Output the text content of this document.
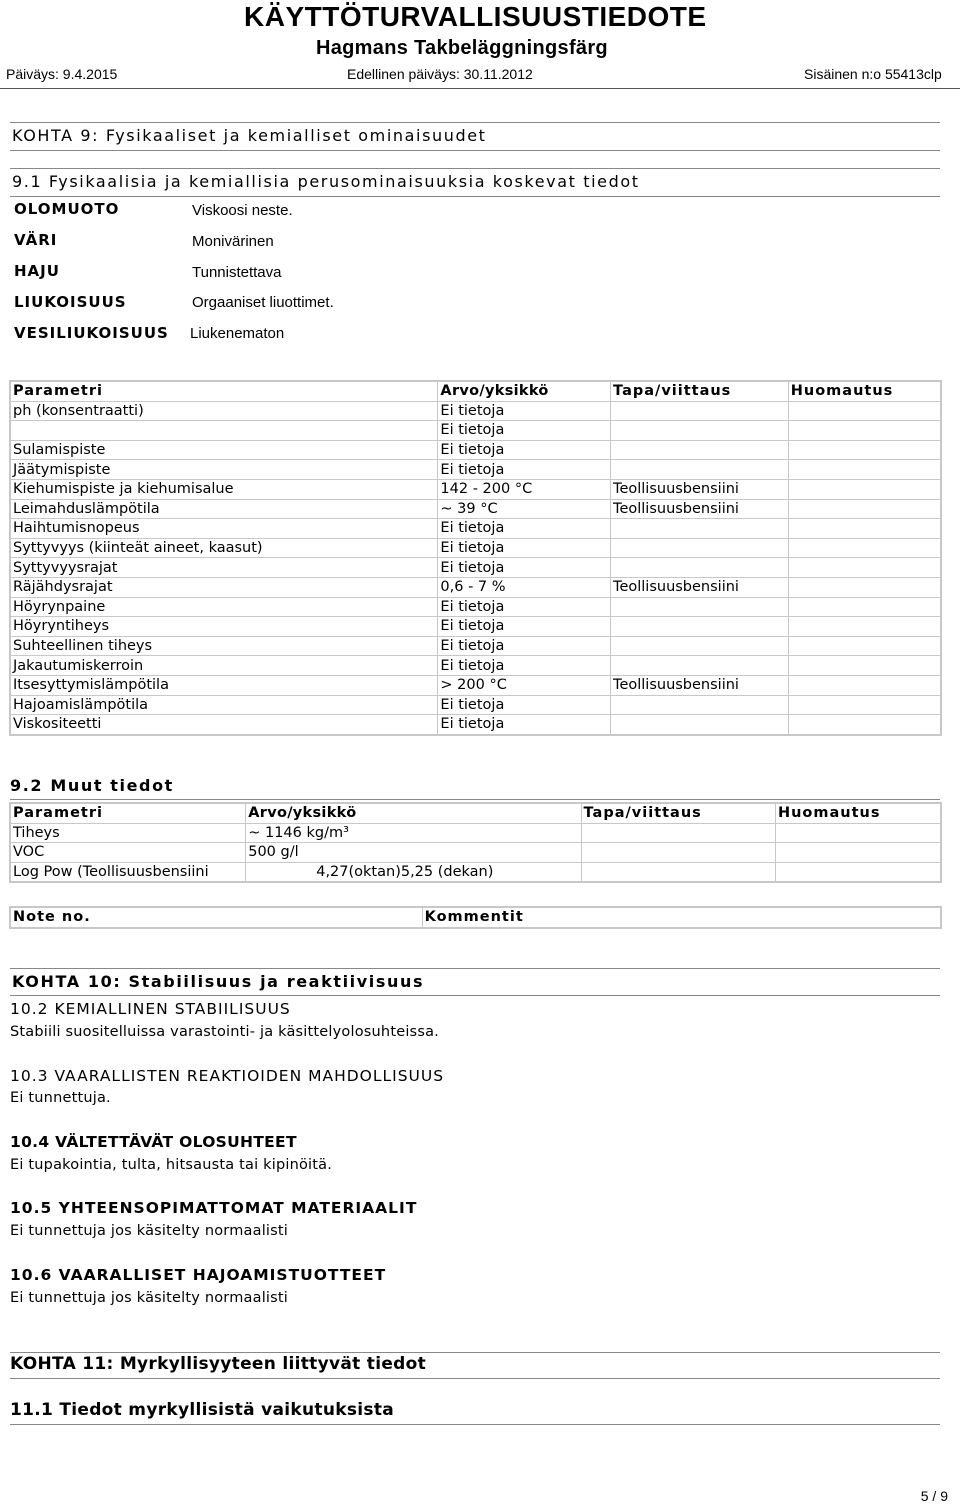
KÄYTTÖTURVALLISUUSTIEDOTE
Hagmans Takbeläggningsfärg
Päiväys: 9.4.2015	Edellinen päiväys: 30.11.2012	Sisäinen n:o 55413clp
KOHTA 9: Fysikaaliset ja kemialliset ominaisuudet
9.1 Fysikaalisia ja kemiallisia perusominaisuuksia koskevat tiedot
OLOMUOTO	Viskoosi neste.
VÄRI	Monivärinen
HAJU	Tunnistettava
LIUKOISUUS	Orgaaniset liuottimet.
VESILIUKOISUUS Liukenematon
Parametri	Arvo/yksikkö	Tapa/viittaus	Huomautus
ph (konsentraatti)	Ei tietoja		
	Ei tietoja		
Sulamispiste	Ei tietoja		
Jäätymispiste	Ei tietoja		
Kiehumispiste ja kiehumisalue	142 - 200 °C	Teollisuusbensiini	
Leimahduslämpötila	~ 39 °C	Teollisuusbensiini	
Haihtumisnopeus	Ei tietoja		
Syttyvyys (kiinteät aineet, kaasut)	Ei tietoja		
Syttyvyysrajat	Ei tietoja		
Räjähdysrajat	0,6 - 7 %	Teollisuusbensiini	
Höyrynpaine	Ei tietoja		
Höyryntiheys	Ei tietoja		
Suhteellinen tiheys	Ei tietoja		
Jakautumiskerroin	Ei tietoja		
Itsesyttymislämpötila	> 200 °C	Teollisuusbensiini	
Hajoamislämpötila	Ei tietoja		
Viskositeetti	Ei tietoja		
9.2 Muut tiedot
Parametri	Arvo/yksikkö	Tapa/viittaus	Huomautus
Tiheys	~ 1146 kg/m³		
VOC	500 g/l		
Log Pow (Teollisuusbensiini	4,27(oktan)5,25 (dekan)		
Note no.	Kommentit
KOHTA 10: Stabiilisuus ja reaktiivisuus
10.2 KEMIALLINEN STABIILISUUS
Stabiili suositelluissa varastointi- ja käsittelyolosuhteissa.
10.3 VAARALLISTEN REAKTIOIDEN MAHDOLLISUUS
Ei tunnettuja.
10.4 VÄLTETTÄVÄT OLOSUHTEET
Ei tupakointia, tulta, hitsausta tai kipinöitä.
10.5 YHTEENSOPIMATTOMAT MATERIAALIT
Ei tunnettuja jos käsitelty normaalisti
10.6 VAARALLISET HAJOAMISTUOTTEET
Ei tunnettuja jos käsitelty normaalisti
KOHTA 11: Myrkyllisyyteen liittyvät tiedot
11.1 Tiedot myrkyllisistä vaikutuksista
5 / 9
